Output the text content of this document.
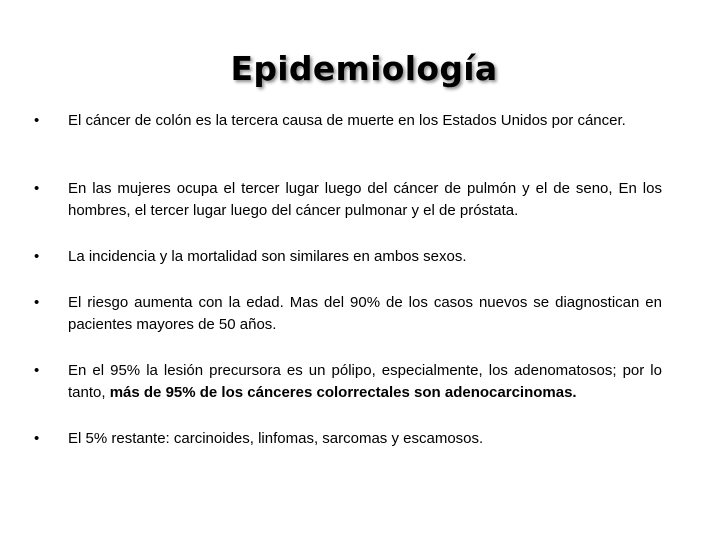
Epidemiología
•	El cáncer de colón es la tercera causa de muerte en los Estados Unidos por cáncer.
•	En las mujeres ocupa el tercer lugar luego del cáncer de pulmón y el de seno, En los hombres, el tercer lugar luego del cáncer pulmonar y el de próstata.
•	La incidencia y la mortalidad son similares en ambos sexos.
•	El riesgo aumenta con la edad. Mas del 90% de los casos nuevos se diagnostican en pacientes mayores de 50 años.
•	En el 95% la lesión precursora es un pólipo, especialmente, los adenomatosos; por lo tanto, más de 95% de los cánceres colorrectales son adenocarcinomas.
•	El 5% restante: carcinoides, linfomas, sarcomas y escamosos.
